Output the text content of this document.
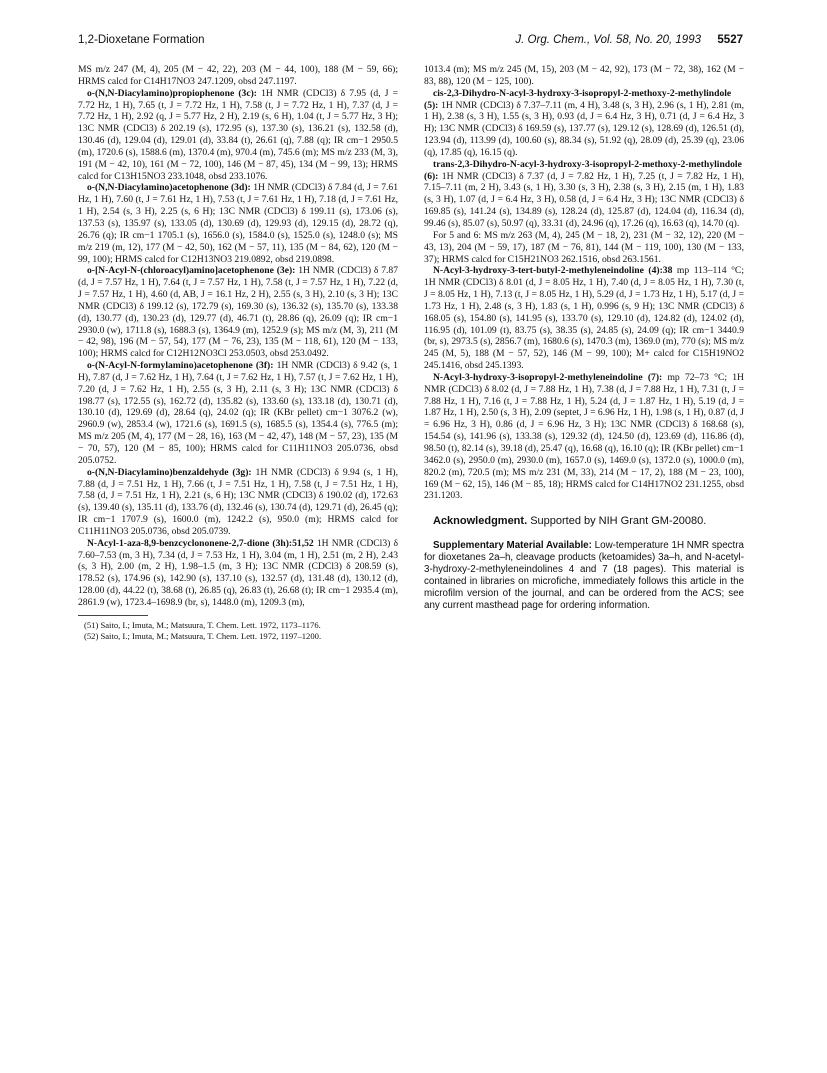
1,2-Dioxetane Formation	J. Org. Chem., Vol. 58, No. 20, 1993 5527

MS m/z 247 (M, 4), 205 (M − 42, 22), 203 (M − 44, 100), 188 (M − 59, 66); HRMS calcd for C14H17NO3 247.1209, obsd 247.1197.

o-(N,N-Diacylamino)propiophenone (3c): 1H NMR (CDCl3) δ 7.95 (d, J = 7.72 Hz, 1 H), 7.65 (t, J = 7.72 Hz, 1 H), 7.58 (t, J = 7.72 Hz, 1 H), 7.37 (d, J = 7.72 Hz, 1 H), 2.92 (q, J = 5.77 Hz, 2 H), 2.19 (s, 6 H), 1.04 (t, J = 5.77 Hz, 3 H); 13C NMR (CDCl3) δ 202.19 (s), 172.95 (s), 137.30 (s), 136.21 (s), 132.58 (d), 130.46 (d), 129.04 (d), 129.01 (d), 33.84 (t), 26.61 (q), 7.88 (q); IR cm−1 2950.5 (m), 1720.6 (s), 1588.6 (m), 1370.4 (m), 970.4 (m), 745.6 (m); MS m/z 233 (M, 3), 191 (M − 42, 10), 161 (M − 72, 100), 146 (M − 87, 45), 134 (M − 99, 13); HRMS calcd for C13H15NO3 233.1048, obsd 233.1076.

o-(N,N-Diacylamino)acetophenone (3d): 1H NMR (CDCl3) δ 7.84 (d, J = 7.61 Hz, 1 H), 7.60 (t, J = 7.61 Hz, 1 H), 7.53 (t, J = 7.61 Hz, 1 H), 7.18 (d, J = 7.61 Hz, 1 H), 2.54 (s, 3 H), 2.25 (s, 6 H); 13C NMR (CDCl3) δ 199.11 (s), 173.06 (s), 137.53 (s), 135.97 (s), 133.05 (d), 130.69 (d), 129.93 (d), 129.15 (d), 28.72 (q), 26.76 (q); IR cm−1 1705.1 (s), 1656.0 (s), 1584.0 (s), 1525.0 (s), 1248.0 (s); MS m/z 219 (m, 12), 177 (M − 42, 50), 162 (M − 57, 11), 135 (M − 84, 62), 120 (M − 99, 100); HRMS calcd for C12H13NO3 219.0892, obsd 219.0898.

o-[N-Acyl-N-(chloroacyl)amino]acetophenone (3e): 1H NMR (CDCl3) δ 7.87 (d, J = 7.57 Hz, 1 H), 7.64 (t, J = 7.57 Hz, 1 H), 7.58 (t, J = 7.57 Hz, 1 H), 7.22 (d, J = 7.57 Hz, 1 H), 4.60 (d, AB, J = 16.1 Hz, 2 H), 2.55 (s, 3 H), 2.10 (s, 3 H); 13C NMR (CDCl3) δ 199.12 (s), 172.79 (s), 169.30 (s), 136.32 (s), 135.70 (s), 133.38 (d), 130.77 (d), 130.23 (d), 129.77 (d), 46.71 (t), 28.86 (q), 26.09 (q); IR cm−1 2930.0 (w), 1711.8 (s), 1688.3 (s), 1364.9 (m), 1252.9 (s); MS m/z (M, 3), 211 (M − 42, 98), 196 (M − 57, 54), 177 (M − 76, 23), 135 (M − 118, 61), 120 (M − 133, 100); HRMS calcd for C12H12NO3Cl 253.0503, obsd 253.0492.

o-(N-Acyl-N-formylamino)acetophenone (3f): 1H NMR (CDCl3) δ 9.42 (s, 1 H), 7.87 (d, J = 7.62 Hz, 1 H), 7.64 (t, J = 7.62 Hz, 1 H), 7.57 (t, J = 7.62 Hz, 1 H), 7.20 (d, J = 7.62 Hz, 1 H), 2.55 (s, 3 H), 2.11 (s, 3 H); 13C NMR (CDCl3) δ 198.77 (s), 172.55 (s), 162.72 (d), 135.82 (s), 133.60 (s), 133.18 (d), 130.71 (d), 130.10 (d), 129.69 (d), 28.64 (q), 24.02 (q); IR (KBr pellet) cm−1 3076.2 (w), 2960.9 (w), 2853.4 (w), 1721.6 (s), 1691.5 (s), 1685.5 (s), 1354.4 (s), 776.5 (m); MS m/z 205 (M, 4), 177 (M − 28, 16), 163 (M − 42, 47), 148 (M − 57, 23), 135 (M − 70, 57), 120 (M − 85, 100); HRMS calcd for C11H11NO3 205.0736, obsd 205.0752.

o-(N,N-Diacylamino)benzaldehyde (3g): 1H NMR (CDCl3) δ 9.94 (s, 1 H), 7.88 (d, J = 7.51 Hz, 1 H), 7.66 (t, J = 7.51 Hz, 1 H), 7.58 (t, J = 7.51 Hz, 1 H), 7.58 (d, J = 7.51 Hz, 1 H), 2.21 (s, 6 H); 13C NMR (CDCl3) δ 190.02 (d), 172.63 (s), 139.40 (s), 135.11 (d), 133.76 (d), 132.46 (s), 130.74 (d), 129.71 (d), 26.45 (q); IR cm−1 1707.9 (s), 1600.0 (m), 1242.2 (s), 950.0 (m); HRMS calcd for C11H11NO3 205.0736, obsd 205.0739.

N-Acyl-1-aza-8,9-benzcyclononene-2,7-dione (3h):51,52 1H NMR (CDCl3) δ 7.60–7.53 (m, 3 H), 7.34 (d, J = 7.53 Hz, 1 H), 3.04 (m, 1 H), 2.51 (m, 2 H), 2.43 (s, 3 H), 2.00 (m, 2 H), 1.98–1.5 (m, 3 H); 13C NMR (CDCl3) δ 208.59 (s), 178.52 (s), 174.96 (s), 142.90 (s), 137.10 (s), 132.57 (d), 131.48 (d), 130.12 (d), 128.00 (d), 44.22 (t), 38.68 (t), 26.85 (q), 26.83 (t), 26.68 (t); IR cm−1 2935.4 (m), 2861.9 (w), 1723.4–1698.9 (br, s), 1448.0 (m), 1209.3 (m),

(51) Saito, I.; Imuta, M.; Matsuura, T. Chem. Lett. 1972, 1173–1176.

(52) Saito, I.; Imuta, M.; Matsuura, T. Chem. Lett. 1972, 1197–1200.

1013.4 (m); MS m/z 245 (M, 15), 203 (M − 42, 92), 173 (M − 72, 38), 162 (M − 83, 88), 120 (M − 125, 100).

cis-2,3-Dihydro-N-acyl-3-hydroxy-3-isopropyl-2-methoxy-2-methylindole (5): 1H NMR (CDCl3) δ 7.37–7.11 (m, 4 H), 3.48 (s, 3 H), 2.96 (s, 1 H), 2.81 (m, 1 H), 2.38 (s, 3 H), 1.55 (s, 3 H), 0.93 (d, J = 6.4 Hz, 3 H), 0.71 (d, J = 6.4 Hz, 3 H); 13C NMR (CDCl3) δ 169.59 (s), 137.77 (s), 129.12 (s), 128.69 (d), 126.51 (d), 123.94 (d), 113.99 (d), 100.60 (s), 88.34 (s), 51.92 (q), 28.09 (d), 25.39 (q), 23.06 (q), 17.85 (q), 16.15 (q).

trans-2,3-Dihydro-N-acyl-3-hydroxy-3-isopropyl-2-methoxy-2-methylindole (6): 1H NMR (CDCl3) δ 7.37 (d, J = 7.82 Hz, 1 H), 7.25 (t, J = 7.82 Hz, 1 H), 7.15–7.11 (m, 2 H), 3.43 (s, 1 H), 3.30 (s, 3 H), 2.38 (s, 3 H), 2.15 (m, 1 H), 1.83 (s, 3 H), 1.07 (d, J = 6.4 Hz, 3 H), 0.58 (d, J = 6.4 Hz, 3 H); 13C NMR (CDCl3) δ 169.85 (s), 141.24 (s), 134.89 (s), 128.24 (d), 125.87 (d), 124.04 (d), 116.34 (d), 99.46 (s), 85.07 (s), 50.97 (q), 33.31 (d), 24.96 (q), 17.26 (q), 16.63 (q), 14.70 (q).

For 5 and 6: MS m/z 263 (M, 4), 245 (M − 18, 2), 231 (M − 32, 12), 220 (M − 43, 13), 204 (M − 59, 17), 187 (M − 76, 81), 144 (M − 119, 100), 130 (M − 133, 37); HRMS calcd for C15H21NO3 262.1516, obsd 263.1561.

N-Acyl-3-hydroxy-3-tert-butyl-2-methyleneindoline (4):38 mp 113–114 °C; 1H NMR (CDCl3) δ 8.01 (d, J = 8.05 Hz, 1 H), 7.40 (d, J = 8.05 Hz, 1 H), 7.30 (t, J = 8.05 Hz, 1 H), 7.13 (t, J = 8.05 Hz, 1 H), 5.29 (d, J = 1.73 Hz, 1 H), 5.17 (d, J = 1.73 Hz, 1 H), 2.48 (s, 3 H), 1.83 (s, 1 H), 0.996 (s, 9 H); 13C NMR (CDCl3) δ 168.05 (s), 154.80 (s), 141.95 (s), 133.70 (s), 129.10 (d), 124.82 (d), 124.02 (d), 116.95 (d), 101.09 (t), 83.75 (s), 38.35 (s), 24.85 (s), 24.09 (q); IR cm−1 3440.9 (br, s), 2973.5 (s), 2856.7 (m), 1680.6 (s), 1470.3 (m), 1369.0 (m), 770 (s); MS m/z 245 (M, 5), 188 (M − 57, 52), 146 (M − 99, 100); M+ calcd for C15H19NO2 245.1416, obsd 245.1393.

N-Acyl-3-hydroxy-3-isopropyl-2-methyleneindoline (7): mp 72–73 °C; 1H NMR (CDCl3) δ 8.02 (d, J = 7.88 Hz, 1 H), 7.38 (d, J = 7.88 Hz, 1 H), 7.31 (t, J = 7.88 Hz, 1 H), 7.16 (t, J = 7.88 Hz, 1 H), 5.24 (d, J = 1.87 Hz, 1 H), 5.19 (d, J = 1.87 Hz, 1 H), 2.50 (s, 3 H), 2.09 (septet, J = 6.96 Hz, 1 H), 1.98 (s, 1 H), 0.87 (d, J = 6.96 Hz, 3 H), 0.86 (d, J = 6.96 Hz, 3 H); 13C NMR (CDCl3) δ 168.68 (s), 154.54 (s), 141.96 (s), 133.38 (s), 129.32 (d), 124.50 (d), 123.69 (d), 116.86 (d), 98.50 (t), 82.14 (s), 39.18 (d), 25.47 (q), 16.68 (q), 16.10 (q); IR (KBr pellet) cm−1 3462.0 (s), 2950.0 (m), 2930.0 (m), 1657.0 (s), 1469.0 (s), 1372.0 (s), 1000.0 (m), 820.2 (m), 720.5 (m); MS m/z 231 (M, 33), 214 (M − 17, 2), 188 (M − 23, 100), 169 (M − 62, 15), 146 (M − 85, 18); HRMS calcd for C14H17NO2 231.1255, obsd 231.1203.

Acknowledgment. Supported by NIH Grant GM-20080.

Supplementary Material Available: Low-temperature 1H NMR spectra for dioxetanes 2a–h, cleavage products (ketoamides) 3a–h, and N-acetyl-3-hydroxy-2-methyleneindolines 4 and 7 (18 pages). This material is contained in libraries on microfiche, immediately follows this article in the microfilm version of the journal, and can be ordered from the ACS; see any current masthead page for ordering information.
